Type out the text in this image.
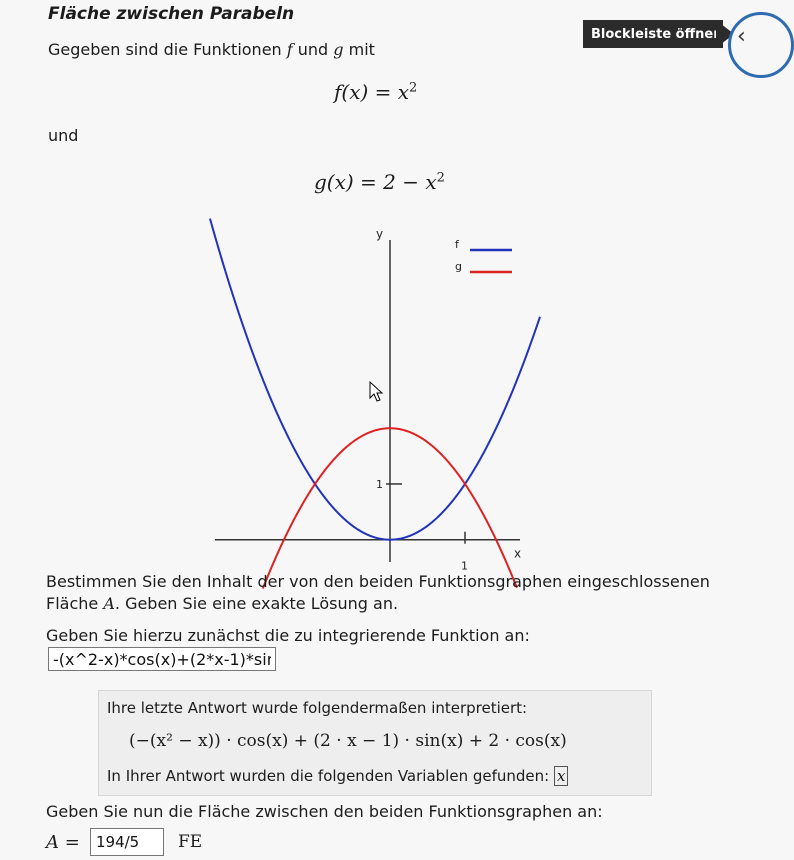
Fläche zwischen Parabeln
Blockleiste öffnen ‹
Gegeben sind die Funktionen f und g mit
$f(x) = x^2$
und
$g(x) = 2 - x^2$
1
1
x
y
f
g
Bestimmen Sie den Inhalt der von den beiden Funktionsgraphen eingeschlossenen
Fläche A. Geben Sie eine exakte Lösung an.
Geben Sie hierzu zunächst die zu integrierende Funktion an:
-(x^2-x)*cos(x)+(2*x-1)*sin(
Ihre letzte Antwort wurde folgendermaßen interpretiert:
(−(x² − x)) · cos(x) + (2 · x − 1) · sin(x) + 2 · cos(x)
In Ihrer Antwort wurden die folgenden Variablen gefunden: x
Geben Sie nun die Fläche zwischen den beiden Funktionsgraphen an:
A =
194/5	FE
